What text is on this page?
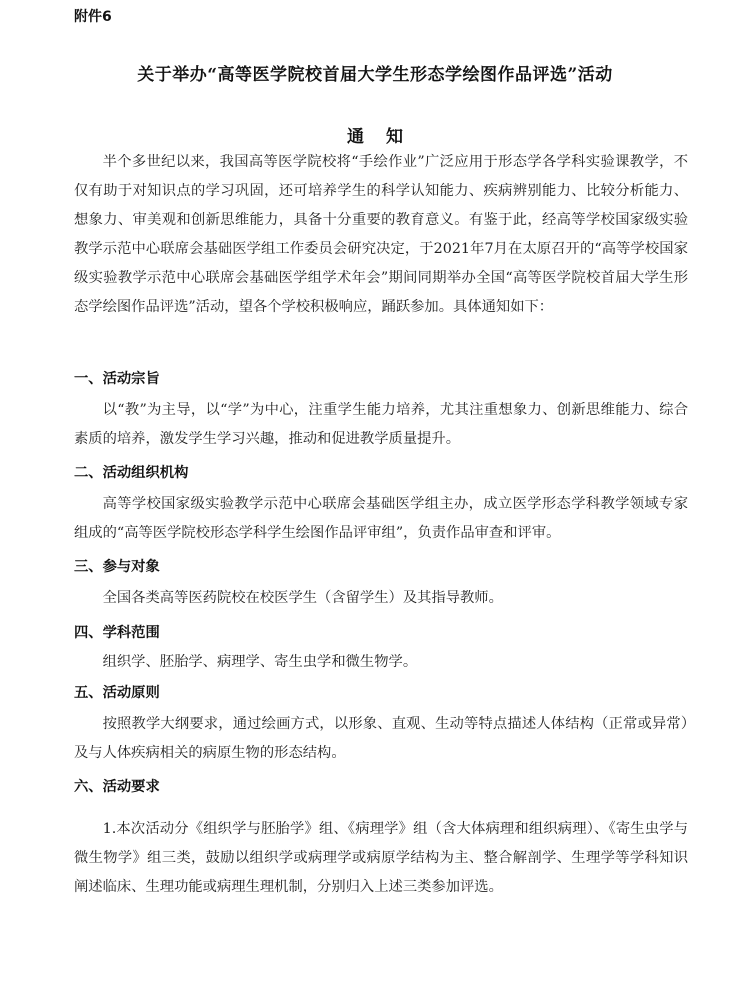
附件6
关于举办“高等医学院校首届大学生形态学绘图作品评选”活动
通知

半个多世纪以来，我国高等医学院校将“手绘作业”广泛应用于形态学各学科实验课教学，不仅有助于对知识点的学习巩固，还可培养学生的科学认知能力、疾病辨别能力、比较分析能力、想象力、审美观和创新思维能力，具备十分重要的教育意义。有鉴于此，经高等学校国家级实验教学示范中心联席会基础医学组工作委员会研究决定，于2021年7月在太原召开的“高等学校国家级实验教学示范中心联席会基础医学组学术年会”期间同期举办全国“高等医学院校首届大学生形态学绘图作品评选”活动，望各个学校积极响应，踊跃参加。具体通知如下：

一、活动宗旨

以“教”为主导，以“学”为中心，注重学生能力培养，尤其注重想象力、创新思维能力、综合素质的培养，激发学生学习兴趣，推动和促进教学质量提升。

二、活动组织机构

高等学校国家级实验教学示范中心联席会基础医学组主办，成立医学形态学科教学领域专家组成的“高等医学院校形态学科学生绘图作品评审组”，负责作品审查和评审。

三、参与对象

全国各类高等医药院校在校医学生（含留学生）及其指导教师。

四、学科范围

组织学、胚胎学、病理学、寄生虫学和微生物学。

五、活动原则

按照教学大纲要求，通过绘画方式，以形象、直观、生动等特点描述人体结构（正常或异常）及与人体疾病相关的病原生物的形态结构。

六、活动要求

1.本次活动分《组织学与胚胎学》组、《病理学》组（含大体病理和组织病理）、《寄生虫学与微生物学》组三类，鼓励以组织学或病理学或病原学结构为主、整合解剖学、生理学等学科知识阐述临床、生理功能或病理生理机制，分别归入上述三类参加评选。
